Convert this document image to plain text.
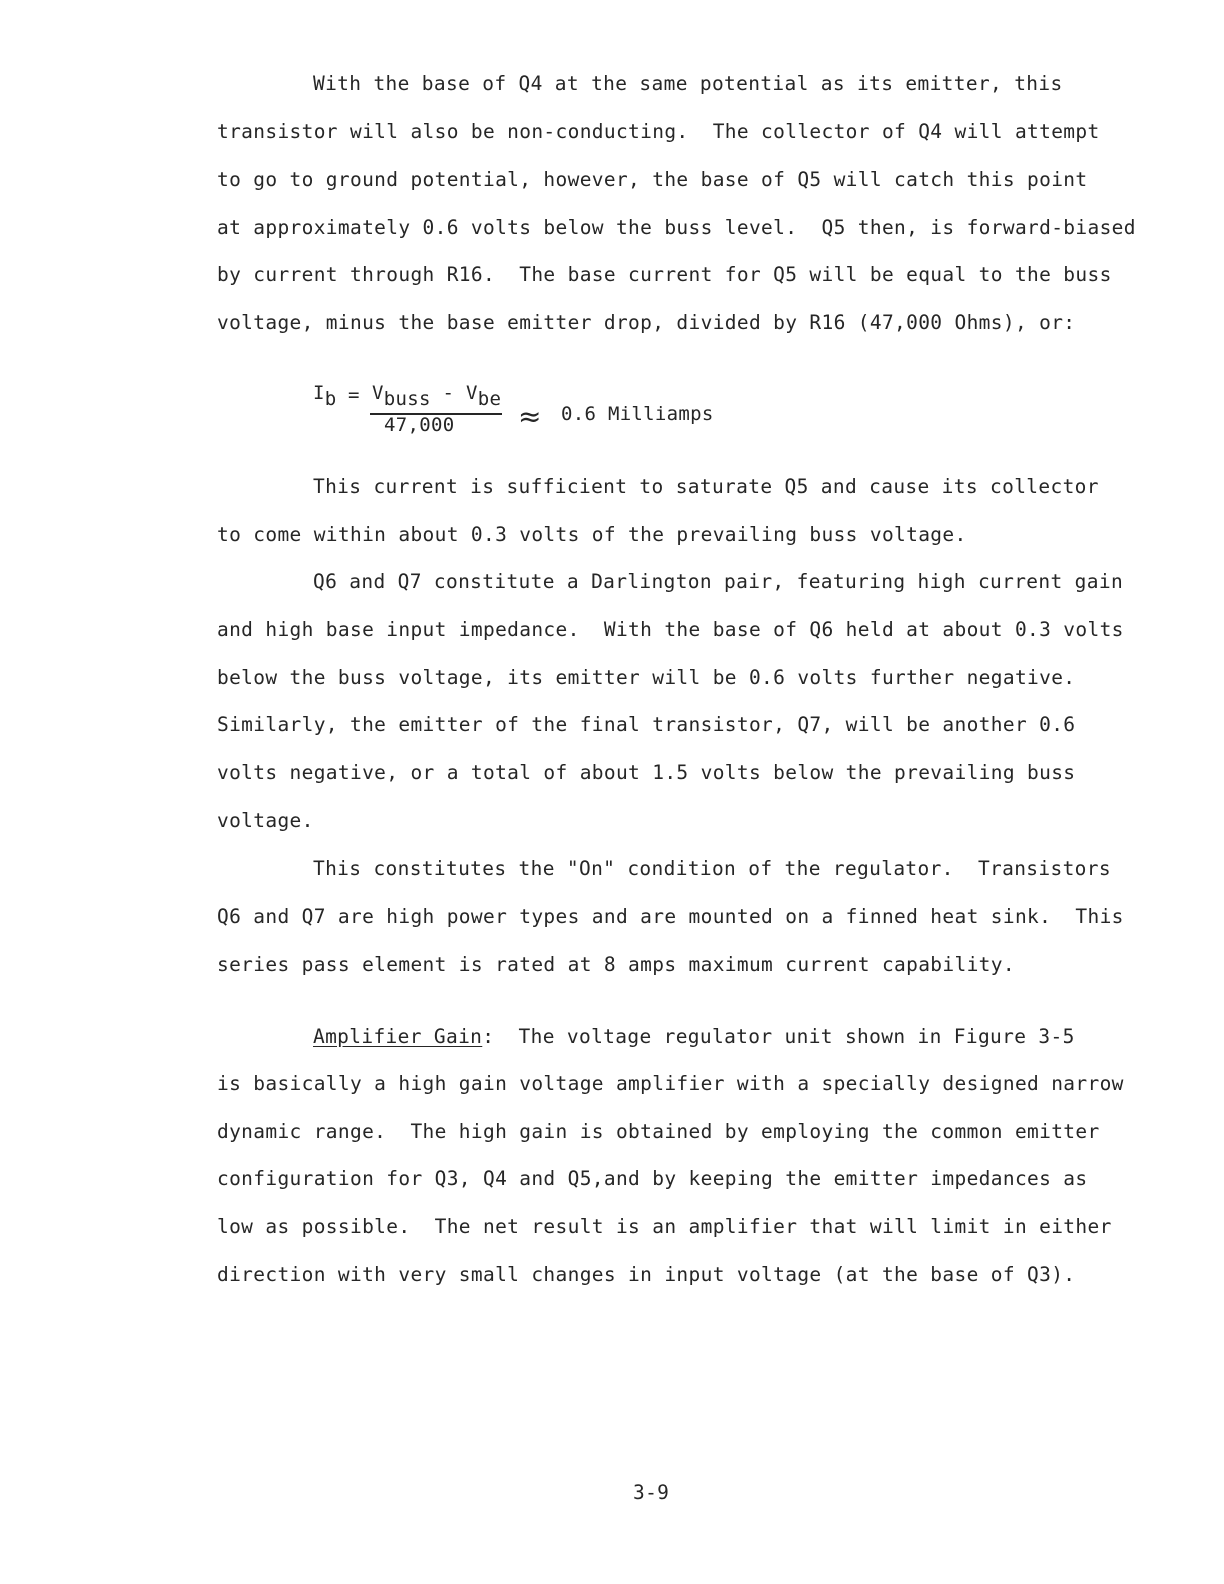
With the base of Q4 at the same potential as its emitter, this
transistor will also be non-conducting.  The collector of Q4 will attempt
to go to ground potential, however, the base of Q5 will catch this point
at approximately 0.6 volts below the buss level.  Q5 then, is forward-biased
by current through R16.  The base current for Q5 will be equal to the buss
voltage, minus the base emitter drop, divided by R16 (47,000 Ohms), or:
Ib = Vbuss - Vbe
47,000 ≈ 0.6 Milliamps
This current is sufficient to saturate Q5 and cause its collector
to come within about 0.3 volts of the prevailing buss voltage.
Q6 and Q7 constitute a Darlington pair, featuring high current gain
and high base input impedance.  With the base of Q6 held at about 0.3 volts
below the buss voltage, its emitter will be 0.6 volts further negative.
Similarly, the emitter of the final transistor, Q7, will be another 0.6
volts negative, or a total of about 1.5 volts below the prevailing buss
voltage.
This constitutes the "On" condition of the regulator.  Transistors
Q6 and Q7 are high power types and are mounted on a finned heat sink.  This
series pass element is rated at 8 amps maximum current capability.
Amplifier Gain:  The voltage regulator unit shown in Figure 3-5
is basically a high gain voltage amplifier with a specially designed narrow
dynamic range.  The high gain is obtained by employing the common emitter
configuration for Q3, Q4 and Q5,and by keeping the emitter impedances as
low as possible.  The net result is an amplifier that will limit in either
direction with very small changes in input voltage (at the base of Q3).
3-9
